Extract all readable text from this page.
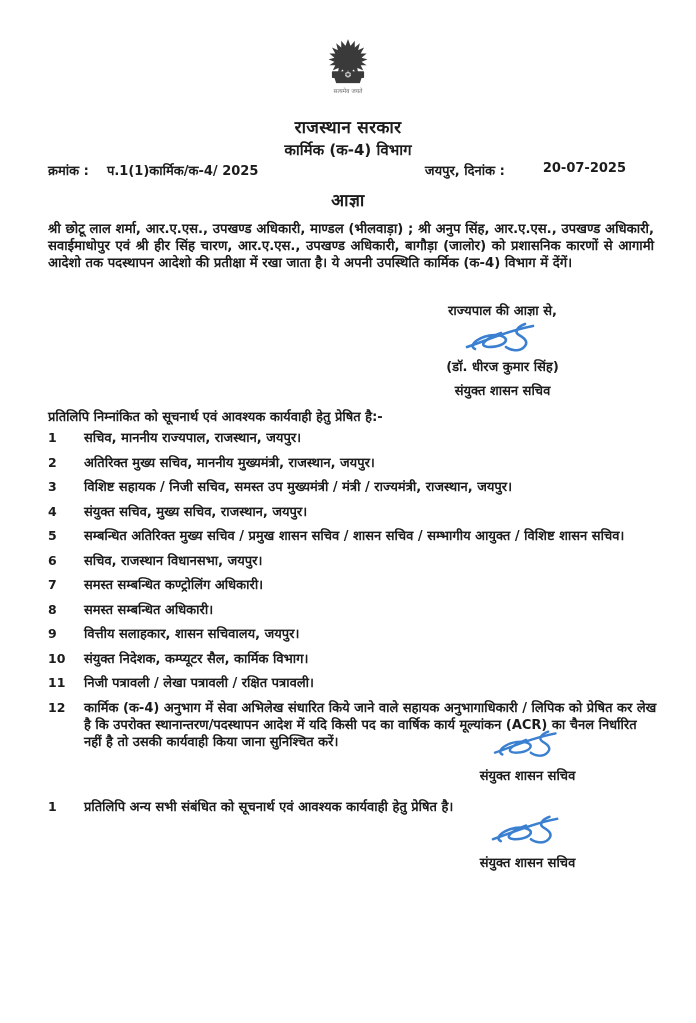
सत्यमेव जयते
राजस्थान सरकार
कार्मिक (क-4) विभाग
क्रमांक : प.1(1)कार्मिक/क-4/ 2025	जयपुर, दिनांक :	20-07-2025
आज्ञा
श्री छोटू लाल शर्मा, आर.ए.एस., उपखण्ड अधिकारी, माण्डल (भीलवाड़ा) ; श्री अनुप सिंह, आर.ए.एस., उपखण्ड अधिकारी, सवाईमाधोपुर एवं श्री हीर सिंह चारण, आर.ए.एस., उपखण्ड अधिकारी, बागौड़ा (जालोर) को प्रशासनिक कारणों से आगामी आदेशो तक पदस्थापन आदेशो की प्रतीक्षा में रखा जाता है। ये अपनी उपस्थिति कार्मिक (क-4) विभाग में देंगें।
राज्यपाल की आज्ञा से,
(डॉ. धीरज कुमार सिंह)
संयुक्त शासन सचिव
प्रतिलिपि निम्नांकित को सूचनार्थ एवं आवश्यक कार्यवाही हेतु प्रेषित है:-
1	सचिव, माननीय राज्यपाल, राजस्थान, जयपुर।
2	अतिरिक्त मुख्य सचिव, माननीय मुख्यमंत्री, राजस्थान, जयपुर।
3	विशिष्ट सहायक / निजी सचिव, समस्त उप मुख्यमंत्री / मंत्री / राज्यमंत्री, राजस्थान, जयपुर।
4	संयुक्त सचिव, मुख्य सचिव, राजस्थान, जयपुर।
5	सम्बन्धित अतिरिक्त मुख्य सचिव / प्रमुख शासन सचिव / शासन सचिव / सम्भागीय आयुक्त / विशिष्ट शासन सचिव।
6	सचिव, राजस्थान विधानसभा, जयपुर।
7	समस्त सम्बन्धित कण्ट्रोलिंग अधिकारी।
8	समस्त सम्बन्धित अधिकारी।
9	वित्तीय सलाहकार, शासन सचिवालय, जयपुर।
10	संयुक्त निदेशक, कम्प्यूटर सैल, कार्मिक विभाग।
11	निजी पत्रावली / लेखा पत्रावली / रक्षित पत्रावली।
12	कार्मिक (क-4) अनुभाग में सेवा अभिलेख संधारित किये जाने वाले सहायक अनुभागाधिकारी / लिपिक को प्रेषित कर लेख है कि उपरोक्त स्थानान्तरण/पदस्थापन आदेश में यदि किसी पद का वार्षिक कार्य मूल्यांकन (ACR) का चैनल निर्धारित नहीं है तो उसकी कार्यवाही किया जाना सुनिश्चित करें।
संयुक्त शासन सचिव
1	प्रतिलिपि अन्य सभी संबंधित को सूचनार्थ एवं आवश्यक कार्यवाही हेतु प्रेषित है।
संयुक्त शासन सचिव
